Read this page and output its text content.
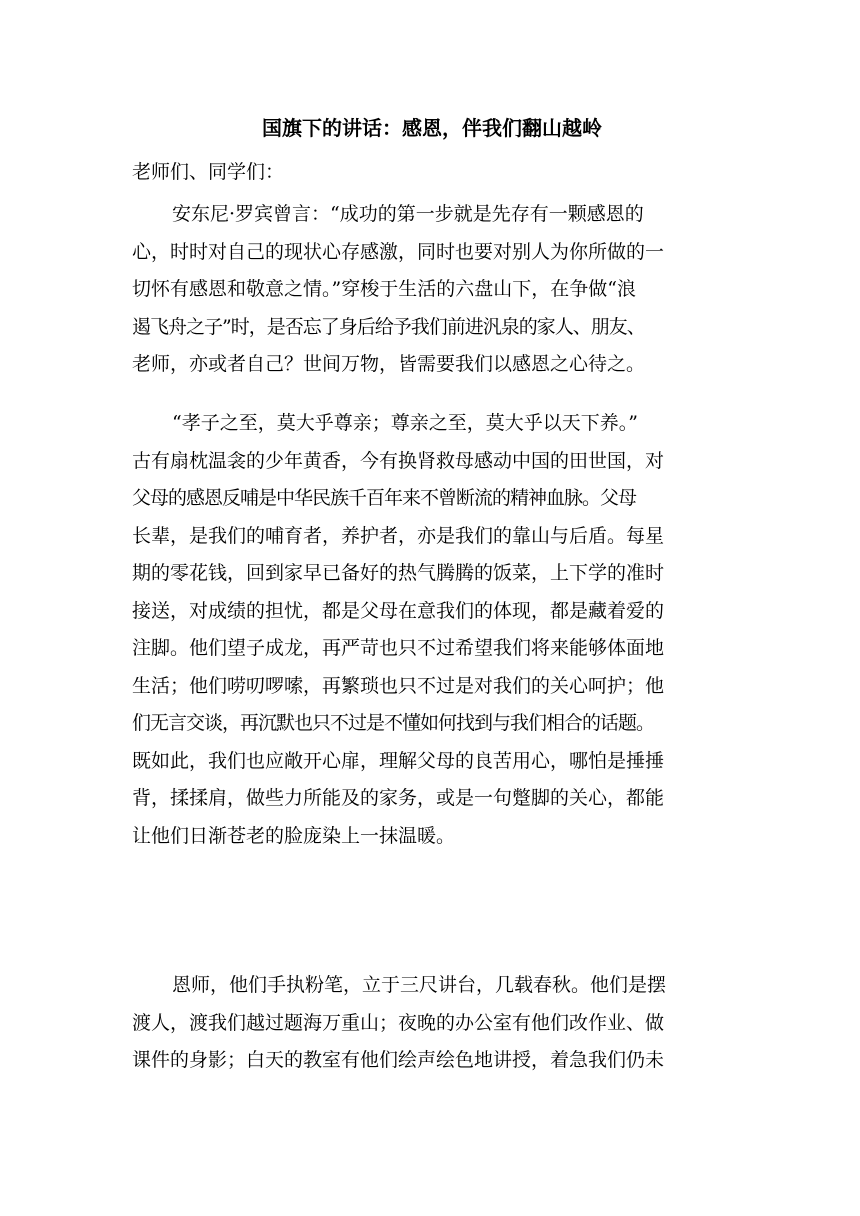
国旗下的讲话：感恩，伴我们翻山越岭
老师们、同学们：
安东尼·罗宾曾言：“成功的第一步就是先存有一颗感恩的
心，时时对自己的现状心存感激，同时也要对别人为你所做的一
切怀有感恩和敬意之情。”穿梭于生活的六盘山下，在争做“浪
遏飞舟之子”时，是否忘了身后给予我们前进汎泉的家人、朋友、
老师，亦或者自己？世间万物，皆需要我们以感恩之心待之。
“孝子之至，莫大乎尊亲；尊亲之至，莫大乎以天下养。”
古有扇枕温衾的少年黄香，今有换肾救母感动中国的田世国，对
父母的感恩反哺是中华民族千百年来不曾断流的精神血脉。父母
长辈，是我们的哺育者，养护者，亦是我们的靠山与后盾。每星
期的零花钱，回到家早已备好的热气腾腾的饭菜，上下学的准时
接送，对成绩的担忧，都是父母在意我们的体现，都是藏着爱的
注脚。他们望子成龙，再严苛也只不过希望我们将来能够体面地
生活；他们唠叨啰嗦，再繁琐也只不过是对我们的关心呵护；他
们无言交谈，再沉默也只不过是不懂如何找到与我们相合的话题。
既如此，我们也应敞开心扉，理解父母的良苦用心，哪怕是捶捶
背，揉揉肩，做些力所能及的家务，或是一句蹩脚的关心，都能
让他们日渐苍老的脸庞染上一抹温暖。
恩师，他们手执粉笔，立于三尺讲台，几载春秋。他们是摆
渡人，渡我们越过题海万重山；夜晚的办公室有他们改作业、做
课件的身影；白天的教室有他们绘声绘色地讲授，着急我们仍未
